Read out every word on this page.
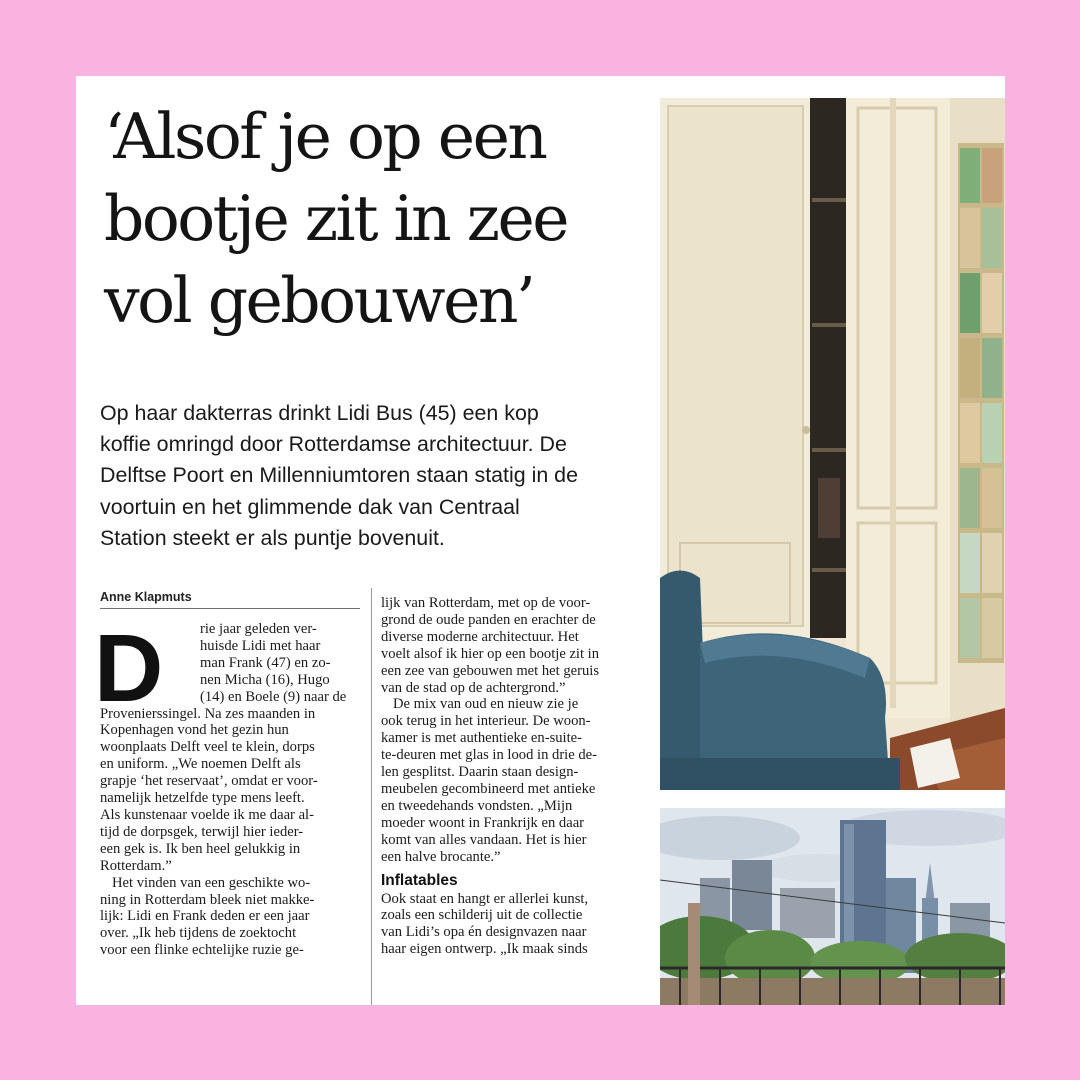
‘Alsof je op een
bootje zit in zee
vol gebouwen’
Op haar dakterras drinkt Lidi Bus (45) een kop
koffie omringd door Rotterdamse architectuur. De
Delftse Poort en Millenniumtoren staan statig in de
voortuin en het glimmende dak van Centraal
Station steekt er als puntje bovenuit.
Anne Klapmuts
D	rie jaar geleden ver-
huisde Lidi met haar
man Frank (47) en zo-
nen Micha (16), Hugo
(14) en Boele (9) naar de
Provenierssingel. Na zes maanden in
Kopenhagen vond het gezin hun
woonplaats Delft veel te klein, dorps
en uniform. „We noemen Delft als
grapje ‘het reservaat’, omdat er voor-
namelijk hetzelfde type mens leeft.
Als kunstenaar voelde ik me daar al-
tijd de dorpsgek, terwijl hier ieder-
een gek is. Ik ben heel gelukkig in
Rotterdam.”
Het vinden van een geschikte wo-
ning in Rotterdam bleek niet makke-
lijk: Lidi en Frank deden er een jaar
over. „Ik heb tijdens de zoektocht
voor een flinke echtelijke ruzie ge-
lijk van Rotterdam, met op de voor-
grond de oude panden en erachter de
diverse moderne architectuur. Het
voelt alsof ik hier op een bootje zit in
een zee van gebouwen met het geruis
van de stad op de achtergrond.”
De mix van oud en nieuw zie je
ook terug in het interieur. De woon-
kamer is met authentieke en-suite-
te-deuren met glas in lood in drie de-
len gesplitst. Daarin staan design-
meubelen gecombineerd met antieke
en tweedehands vondsten. „Mijn
moeder woont in Frankrijk en daar
komt van alles vandaan. Het is hier
een halve brocante.”
Inflatables
Ook staat en hangt er allerlei kunst,
zoals een schilderij uit de collectie
van Lidi’s opa én designvazen naar
haar eigen ontwerp. „Ik maak sinds
